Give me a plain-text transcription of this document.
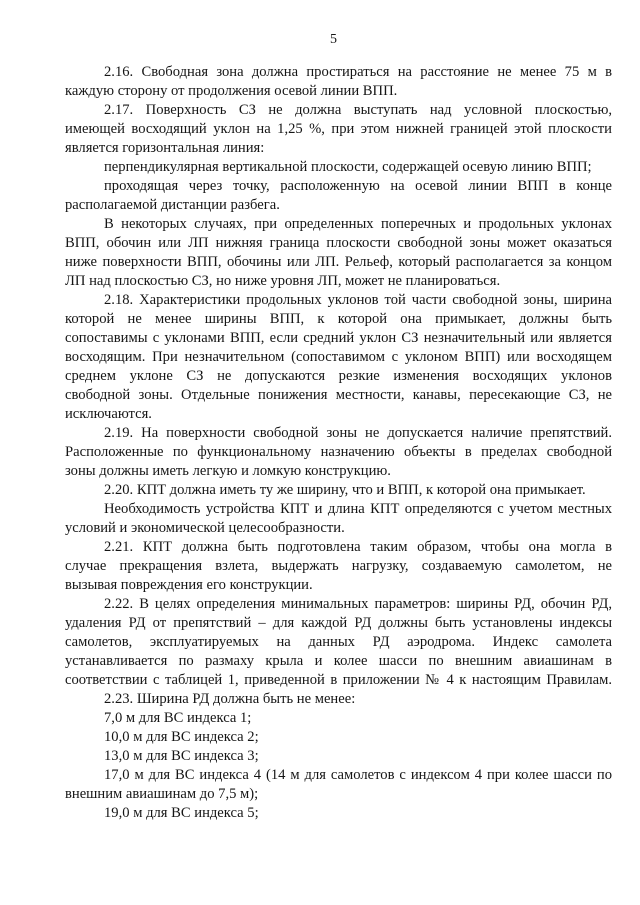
5
2.16. Свободная зона должна простираться на расстояние не менее 75 м в
каждую сторону от продолжения осевой линии ВПП.
2.17. Поверхность СЗ не должна выступать над условной плоскостью,
имеющей восходящий уклон на 1,25 %, при этом нижней границей этой плоскости
является горизонтальная линия:
перпендикулярная вертикальной плоскости, содержащей осевую линию ВПП;
проходящая через точку, расположенную на осевой линии ВПП в конце
располагаемой дистанции разбега.
В некоторых случаях, при определенных поперечных и продольных уклонах
ВПП, обочин или ЛП нижняя граница плоскости свободной зоны может оказаться
ниже поверхности ВПП, обочины или ЛП. Рельеф, который располагается за концом
ЛП над плоскостью СЗ, но ниже уровня ЛП, может не планироваться.
2.18. Характеристики продольных уклонов той части свободной зоны, ширина
которой не менее ширины ВПП, к которой она примыкает, должны быть
сопоставимы с уклонами ВПП, если средний уклон СЗ незначительный или является
восходящим. При незначительном (сопоставимом с уклоном ВПП) или восходящем
среднем уклоне СЗ не допускаются резкие изменения восходящих уклонов
свободной зоны. Отдельные понижения местности, канавы, пересекающие СЗ, не
исключаются.
2.19. На поверхности свободной зоны не допускается наличие препятствий.
Расположенные по функциональному назначению объекты в пределах свободной
зоны должны иметь легкую и ломкую конструкцию.
2.20. КПТ должна иметь ту же ширину, что и ВПП, к которой она примыкает.
Необходимость устройства КПТ и длина КПТ определяются с учетом местных
условий и экономической целесообразности.
2.21. КПТ должна быть подготовлена таким образом, чтобы она могла в
случае прекращения взлета, выдержать нагрузку, создаваемую самолетом, не
вызывая повреждения его конструкции.
2.22. В целях определения минимальных параметров: ширины РД, обочин РД,
удаления РД от препятствий – для каждой РД должны быть установлены индексы
самолетов, эксплуатируемых на данных РД аэродрома. Индекс самолета
устанавливается по размаху крыла и колее шасси по внешним авиашинам в
соответствии с таблицей 1, приведенной в приложении № 4 к настоящим Правилам.
2.23. Ширина РД должна быть не менее:
7,0 м для ВС индекса 1;
10,0 м для ВС индекса 2;
13,0 м для ВС индекса 3;
17,0 м для ВС индекса 4 (14 м для самолетов с индексом 4 при колее шасси по
внешним авиашинам до 7,5 м);
19,0 м для ВС индекса 5;
